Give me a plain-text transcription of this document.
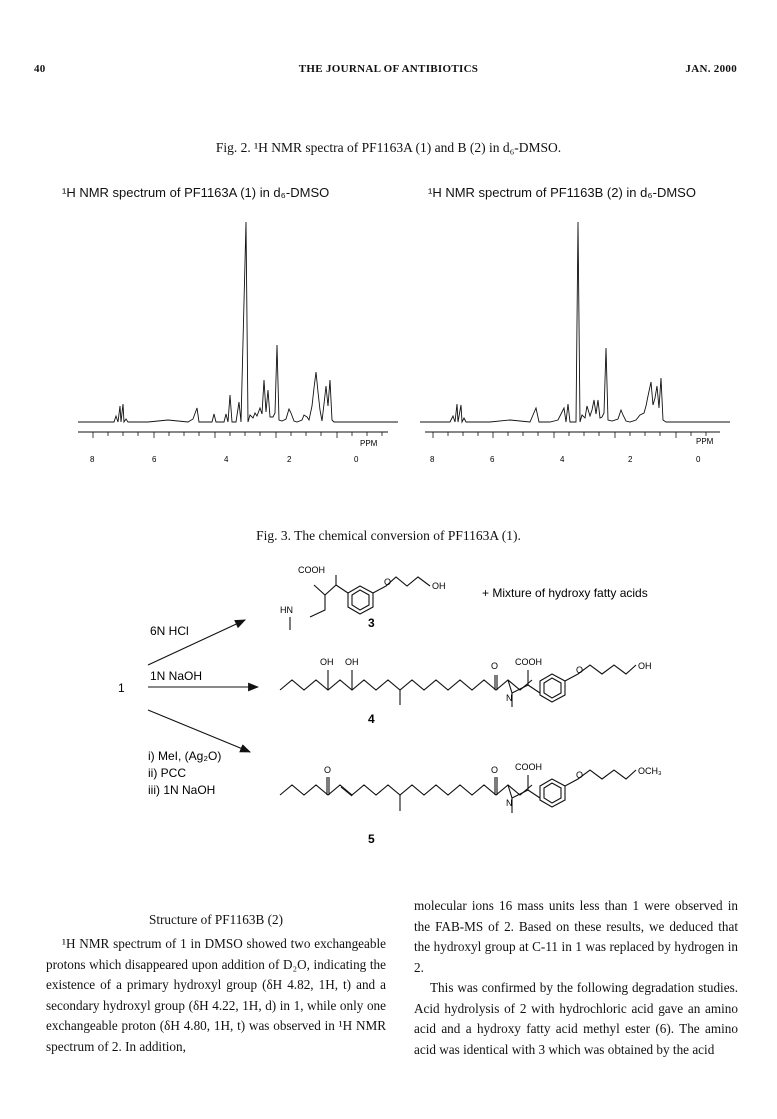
40	THE JOURNAL OF ANTIBIOTICS	JAN. 2000
Fig. 2. ¹H NMR spectra of PF1163A (1) and B (2) in d₆-DMSO.
¹H NMR spectrum of PF1163A (1) in d₆-DMSO	¹H NMR spectrum of PF1163B (2) in d₆-DMSO
PPM
8	6	4	2	0
PPM
8	6	4	2	0
Fig. 3. The chemical conversion of PF1163A (1).
1
6N HCl
1N NaOH
i) MeI, (Ag₂O)
ii) PCC
iii) 1N NaOH
COOH
HN
O	OH
3
+ Mixture of hydroxy fatty acids
OH OH	O COOH
N
O	OH
4
O	O COOH
N
O	OCH₃
5
Structure of PF1163B (2)

¹H NMR spectrum of 1 in DMSO showed two exchangeable protons which disappeared upon addition of D₂O, indicating the existence of a primary hydroxyl group (δH 4.82, 1H, t) and a secondary hydroxyl group (δH 4.22, 1H, d) in 1, while only one exchangeable proton (δH 4.80, 1H, t) was observed in ¹H NMR spectrum of 2. In addition,

molecular ions 16 mass units less than 1 were observed in the FAB-MS of 2. Based on these results, we deduced that the hydroxyl group at C-11 in 1 was replaced by hydrogen in 2.

This was confirmed by the following degradation studies. Acid hydrolysis of 2 with hydrochloric acid gave an amino acid and a hydroxy fatty acid methyl ester (6). The amino acid was identical with 3 which was obtained by the acid
